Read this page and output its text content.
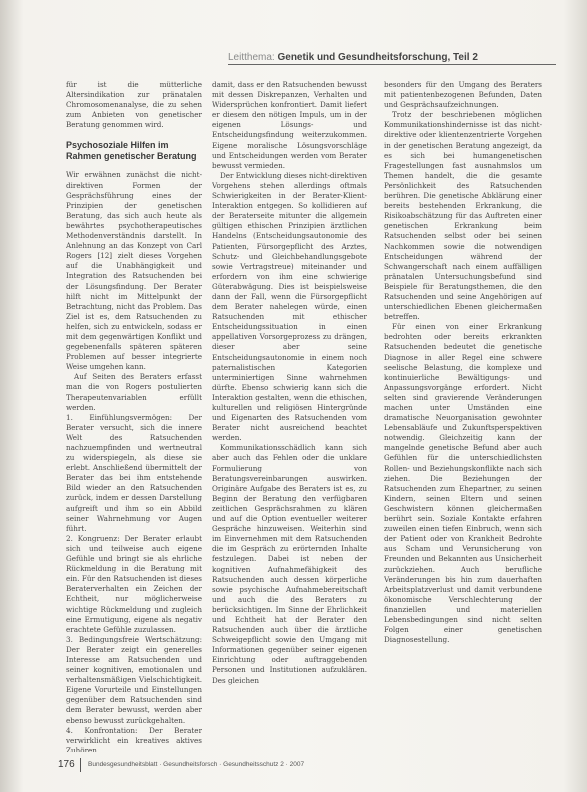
Leitthema: Genetik und Gesundheitsforschung, Teil 2

für ist die mütterliche Altersindikation zur pränatalen Chromosomenanalyse, die zu sehen zum Anbieten von genetischer Beratung genommen wird.

Psychosoziale Hilfen im Rahmen genetischer Beratung

Wir erwähnen zunächst die nicht-direktiven Formen der Gesprächsführung eines der Prinzipien der genetischen Beratung, das sich auch heute als bewährtes psychotherapeutisches Methodenverständnis darstellt. In Anlehnung an das Konzept von Carl Rogers [12] zielt dieses Vorgehen auf die Unabhängigkeit und Integration des Ratsuchenden bei der Lösungsfindung. Der Berater hilft nicht im Mittelpunkt der Betrachtung, nicht das Problem. Das Ziel ist es, dem Ratsuchenden zu helfen, sich zu entwickeln, sodass er mit dem gegenwärtigen Konflikt und gegebenenfalls späteren späteren Problemen auf besser integrierte Weise umgehen kann.

Auf Seiten des Beraters erfasst man die von Rogers postulierten Therapeutenvariablen erfüllt werden.

1. Einfühlungsvermögen: Der Berater versucht, sich die innere Welt des Ratsuchenden nachzuempfinden und wertneutral zu widerspiegeln, als diese sie erlebt. Anschließend übermittelt der Berater das bei ihm entstehende Bild wieder an den Ratsuchenden zurück, indem er dessen Darstellung aufgreift und ihm so ein Abbild seiner Wahrnehmung vor Augen führt.

2. Kongruenz: Der Berater erlaubt sich und teilweise auch eigene Gefühle und bringt sie als ehrliche Rückmeldung in die Beratung mit ein. Für den Ratsuchenden ist dieses Beraterverhalten ein Zeichen der Echtheit, nur möglicherweise wichtige Rückmeldung und zugleich eine Ermutigung, eigene als negativ erachtete Gefühle zuzulassen.

3. Bedingungsfreie Wertschätzung: Der Berater zeigt ein generelles Interesse am Ratsuchenden und seiner kognitiven, emotionalen und verhaltensmäßigen Vielschichtigkeit. Eigene Vorurteile und Einstellungen gegenüber dem Ratsuchenden sind dem Berater bewusst, werden aber ebenso bewusst zurückgehalten.

4. Konfrontation: Der Berater verwirklicht ein kreatives aktives Zuhören

damit, dass er den Ratsuchenden bewusst mit dessen Diskrepanzen, Verhalten und Widersprüchen konfrontiert. Damit liefert er diesem den nötigen Impuls, um in der eigenen Lösungs- und Entscheidungsfindung weiterzukommen. Eigene moralische Lösungsvorschläge und Entscheidungen werden vom Berater bewusst vermieden.

Der Entwicklung dieses nicht-direktiven Vorgehens stehen allerdings oftmals Schwierigkeiten in der Berater-Klient-Interaktion entgegen. So kollidieren auf der Beraterseite mitunter die allgemein gültigen ethischen Prinzipien ärztlichen Handelns (Entscheidungsautonomie des Patienten, Fürsorgepflicht des Arztes, Schutz- und Gleichbehandlungsgebote sowie Vertragstreue) miteinander und erfordern von ihm eine schwierige Güterabwägung. Dies ist beispielsweise dann der Fall, wenn die Fürsorgepflicht dem Berater nahelegen würde, einen Ratsuchenden mit ethischer Entscheidungssituation in einen appellativen Vorsorgeprozess zu drängen, dieser aber seine Entscheidungsautonomie in einem noch paternalistischen Kategorien unterminiertigen Sinne wahrnehmen dürfte. Ebenso schwierig kann sich die Interaktion gestalten, wenn die ethischen, kulturellen und religiösen Hintergründe und Eigenarten des Ratsuchenden vom Berater nicht ausreichend beachtet werden.

Kommunikationsschädlich kann sich aber auch das Fehlen oder die unklare Formulierung von Beratungsvereinbarungen auswirken. Originäre Aufgabe des Beraters ist es, zu Beginn der Beratung den verfügbaren zeitlichen Gesprächsrahmen zu klären und auf die Option eventueller weiterer Gespräche hinzuweisen. Weiterhin sind im Einvernehmen mit dem Ratsuchenden die im Gespräch zu erörternden Inhalte festzulegen. Dabei ist neben der kognitiven Aufnahmefähigkeit des Ratsuchenden auch dessen körperliche sowie psychische Aufnahmebereitschaft und auch die des Beraters zu berücksichtigen. Im Sinne der Ehrlichkeit und Echtheit hat der Berater den Ratsuchenden auch über die ärztliche Schweigepflicht sowie den Umgang mit Informationen gegenüber seiner eigenen Einrichtung oder auftraggebenden Personen und Institutionen aufzuklären. Des gleichen

besonders für den Umgang des Beraters mit patientenbezogenen Befunden, Daten und Gesprächsaufzeichnungen.

Trotz der beschriebenen möglichen Kommunikationshindernisse ist das nicht-direktive oder klientenzentrierte Vorgehen in der genetischen Beratung angezeigt, da es sich bei humangenetischen Fragestellungen fast ausnahmslos um Themen handelt, die die gesamte Persönlichkeit des Ratsuchenden berühren. Die genetische Abklärung einer bereits bestehenden Erkrankung, die Risikoabschätzung für das Auftreten einer genetischen Erkrankung beim Ratsuchenden selbst oder bei seinen Nachkommen sowie die notwendigen Entscheidungen während der Schwangerschaft nach einem auffälligen pränatalen Untersuchungsbefund sind Beispiele für Beratungsthemen, die den Ratsuchenden und seine Angehörigen auf unterschiedlichen Ebenen gleichermaßen betreffen.

Für einen von einer Erkrankung bedrohten oder bereits erkrankten Ratsuchenden bedeutet die genetische Diagnose in aller Regel eine schwere seelische Belastung, die komplexe und kontinuierliche Bewältigungs- und Anpassungsvorgänge erfordert. Nicht selten sind gravierende Veränderungen machen unter Umständen eine dramatische Neuorganisation gewohnter Lebensabläufe und Zukunftsperspektiven notwendig. Gleichzeitig kann der mangelnde genetische Befund aber auch Gefühlen für die unterschiedlichsten Rollen- und Beziehungskonflikte nach sich ziehen. Die Beziehungen der Ratsuchenden zum Ehepartner, zu seinen Kindern, seinen Eltern und seinen Geschwistern können gleichermaßen berührt sein. Soziale Kontakte erfahren zuweilen einen tiefen Einbruch, wenn sich der Patient oder von Krankheit Bedrohte aus Scham und Verunsicherung von Freunden und Bekannten aus Unsicherheit zurückziehen. Auch berufliche Veränderungen bis hin zum dauerhaften Arbeitsplatzverlust und damit verbundene ökonomische Verschlechterung der finanziellen und materiellen Lebensbedingungen sind nicht selten Folgen einer genetischen Diagnosestellung.

176 Bundesgesundheitsblatt · Gesundheitsforsch · Gesundheitsschutz 2 · 2007
